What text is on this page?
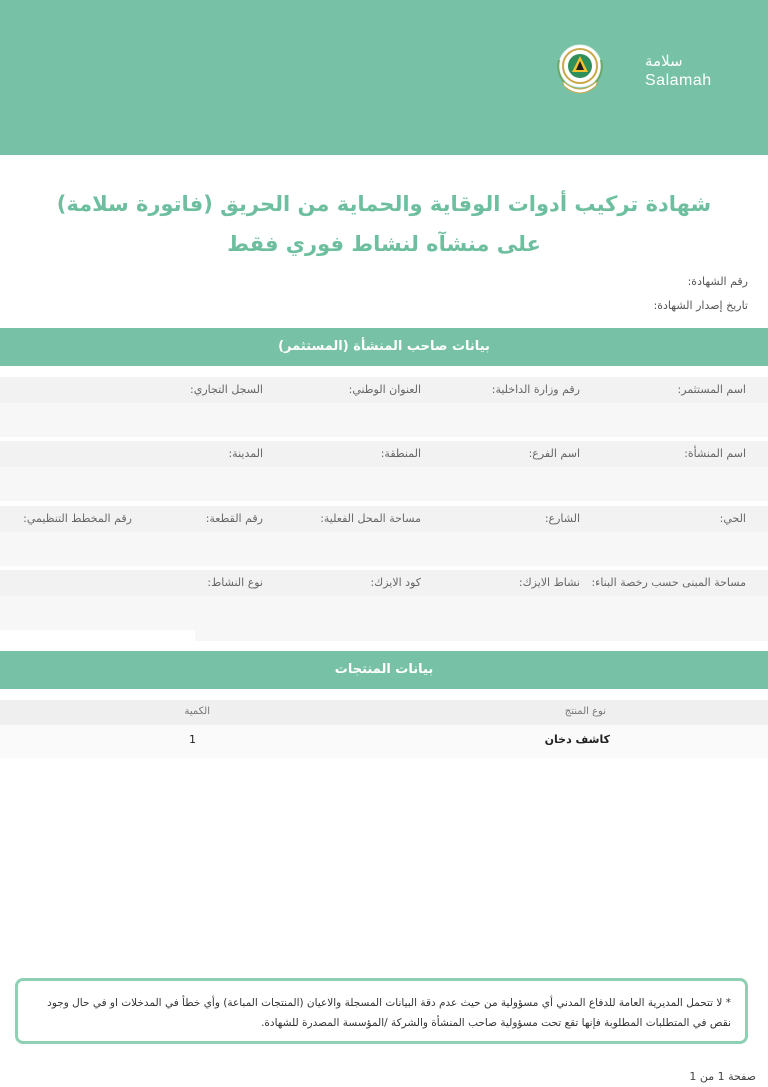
سلامة
Salamah
شهادة تركيب أدوات الوقاية والحماية من الحريق (فاتورة سلامة)
على منشآه لنشاط فوري فقط
رقم الشهادة:
تاريخ إصدار الشهادة:
بيانات صاحب المنشأة (المستثمر)
اسم المستثمر:
رقم وزارة الداخلية:
العنوان الوطني:
السجل التجاري:
اسم المنشأة:
اسم الفرع:
المنطقة:
المدينة:
الحي:
الشارع:
مساحة المحل الفعلية:
رقم القطعة:
رقم المخطط التنظيمي:
مساحة المبنى حسب رخصة البناء:
نشاط الايزك:
كود الايزك:
نوع النشاط:
بيانات المنتجات
نوع المنتج
الكمية
كاشف دخان
1
* لا تتحمل المديرية العامة للدفاع المدني أي مسؤولية من حيث عدم دقة البيانات المسجلة والاعيان (المنتجات المباعة) وأي خطأ في المدخلات او في حال وجود نقص في المتطلبات المطلوبة فإنها تقع تحت مسؤولية صاحب المنشأة والشركة /المؤسسة المصدرة للشهادة.
صفحة 1 من 1
